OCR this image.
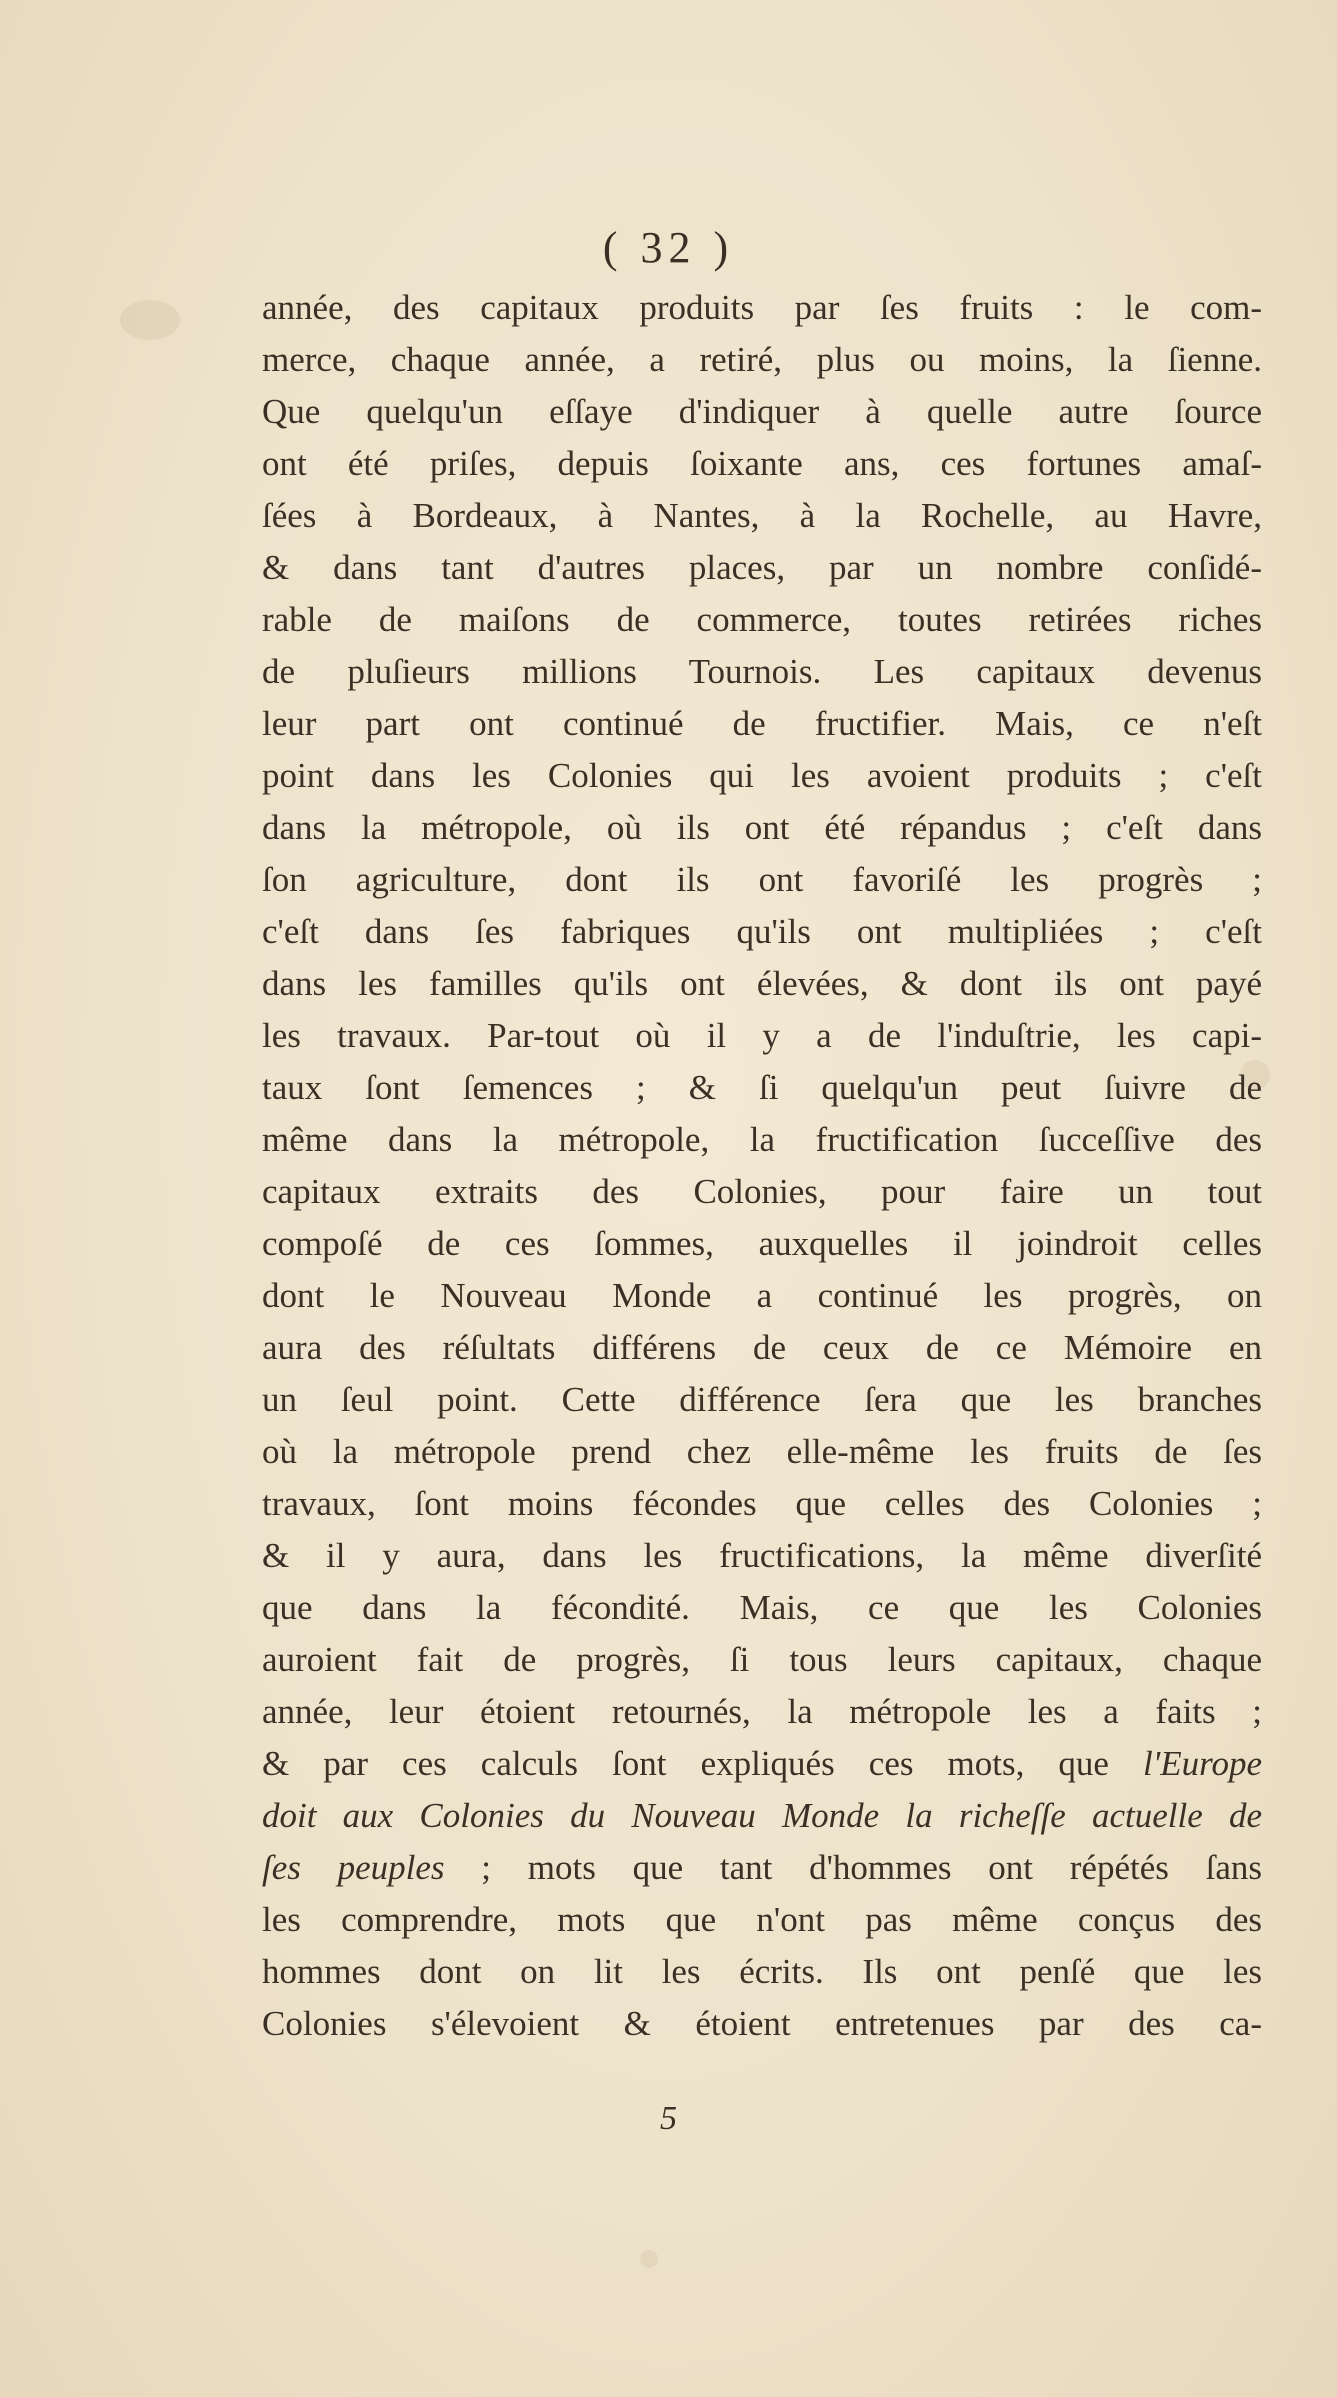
( 32 )
année, des capitaux produits par ſes fruits : le com-
merce, chaque année, a retiré, plus ou moins, la ſienne.
Que quelqu'un eſſaye d'indiquer à quelle autre ſource
ont été priſes, depuis ſoixante ans, ces fortunes amaſ-
ſées à Bordeaux, à Nantes, à la Rochelle, au Havre,
& dans tant d'autres places, par un nombre conſidé-
rable de maiſons de commerce, toutes retirées riches
de pluſieurs millions Tournois. Les capitaux devenus
leur part ont continué de fructifier. Mais, ce n'eſt
point dans les Colonies qui les avoient produits ; c'eſt
dans la métropole, où ils ont été répandus ; c'eſt dans
ſon agriculture, dont ils ont favoriſé les progrès ;
c'eſt dans ſes fabriques qu'ils ont multipliées ; c'eſt
dans les familles qu'ils ont élevées, & dont ils ont payé
les travaux. Par-tout où il y a de l'induſtrie, les capi-
taux ſont ſemences ; & ſi quelqu'un peut ſuivre de
même dans la métropole, la fructification ſucceſſive des
capitaux extraits des Colonies, pour faire un tout
compoſé de ces ſommes, auxquelles il joindroit celles
dont le Nouveau Monde a continué les progrès, on
aura des réſultats différens de ceux de ce Mémoire en
un ſeul point. Cette différence ſera que les branches
où la métropole prend chez elle-même les fruits de ſes
travaux, ſont moins fécondes que celles des Colonies ;
& il y aura, dans les fructifications, la même diverſité
que dans la fécondité. Mais, ce que les Colonies
auroient fait de progrès, ſi tous leurs capitaux, chaque
année, leur étoient retournés, la métropole les a faits ;
& par ces calculs ſont expliqués ces mots, que l'Europe
doit aux Colonies du Nouveau Monde la richeſſe actuelle de
ſes peuples ; mots que tant d'hommes ont répétés ſans
les comprendre, mots que n'ont pas même conçus des
hommes dont on lit les écrits. Ils ont penſé que les
Colonies s'élevoient & étoient entretenues par des ca-
5
